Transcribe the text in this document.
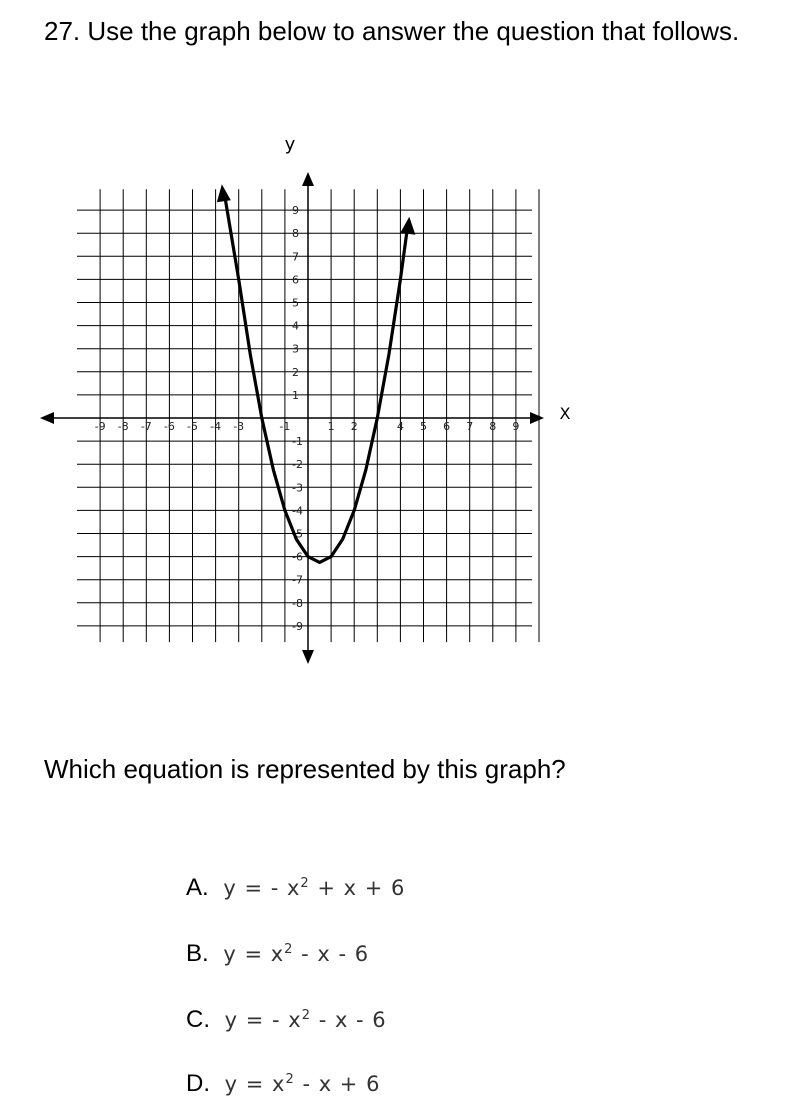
27. Use the graph below to answer the question that follows.
-9 -8 -7 -6 -5 -4 -3	-1	1 2	4 5 6 7 8 9
9
8
7
6
5
4
3
2
1
-1
-2
-3
-4
-5
-6
-7
-8
-9
y
X
Which equation is represented by this graph?
A. y = - $x^2 + x + 6$
B. $y = x^2 - x - 6$
C. y = - $x^2$ - x - 6
D. $y = x^2 - x + 6$
